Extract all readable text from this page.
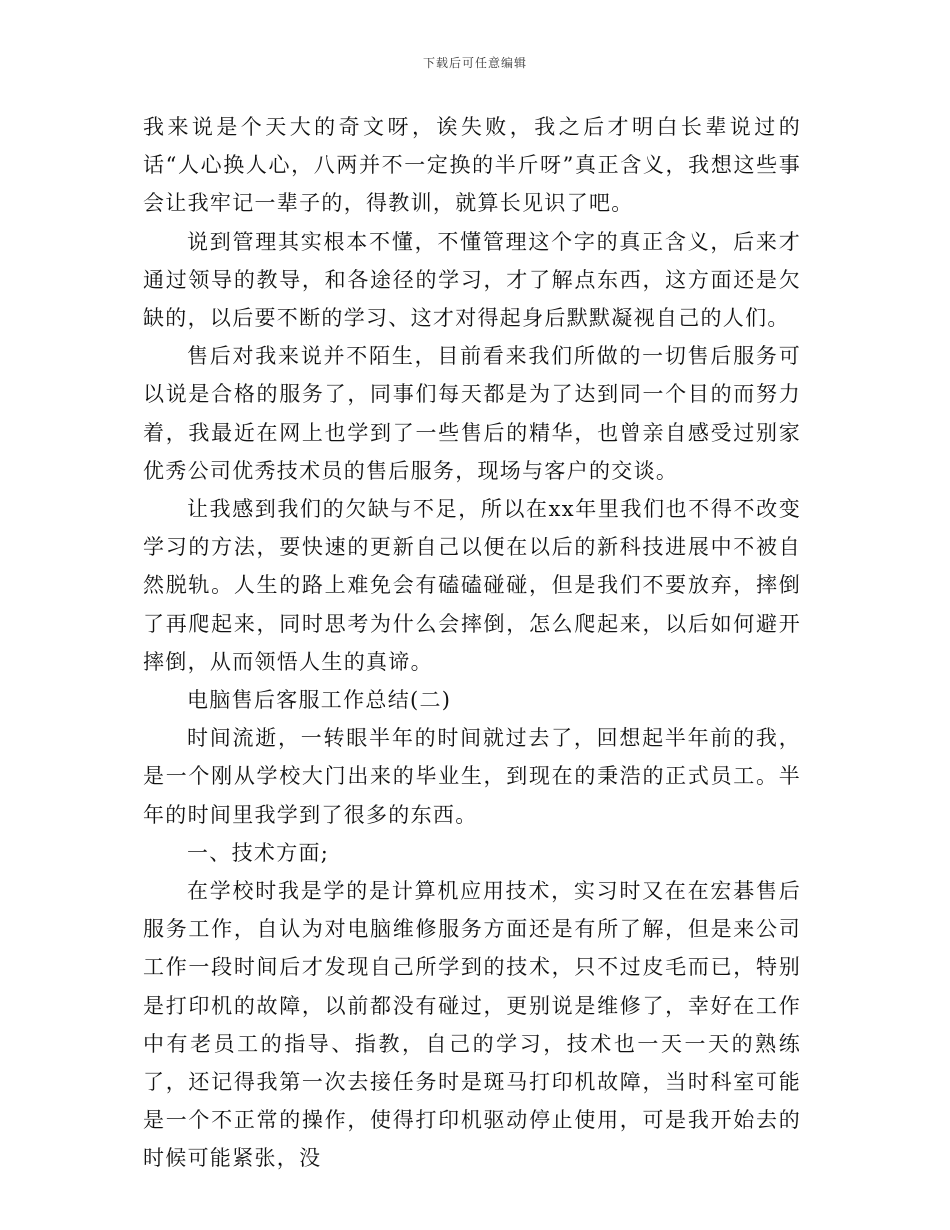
下载后可任意编辑

我来说是个天大的奇文呀，诶失败，我之后才明白长辈说过的话“人心换人心，八两并不一定换的半斤呀”真正含义，我想这些事会让我牢记一辈子的，得教训，就算长见识了吧。

说到管理其实根本不懂，不懂管理这个字的真正含义，后来才通过领导的教导，和各途径的学习，才了解点东西，这方面还是欠缺的，以后要不断的学习、这才对得起身后默默凝视自己的人们。

售后对我来说并不陌生，目前看来我们所做的一切售后服务可以说是合格的服务了，同事们每天都是为了达到同一个目的而努力着，我最近在网上也学到了一些售后的精华，也曾亲自感受过别家优秀公司优秀技术员的售后服务，现场与客户的交谈。

让我感到我们的欠缺与不足，所以在xx年里我们也不得不改变学习的方法，要快速的更新自己以便在以后的新科技进展中不被自然脱轨。人生的路上难免会有磕磕碰碰，但是我们不要放弃，摔倒了再爬起来，同时思考为什么会摔倒，怎么爬起来，以后如何避开摔倒，从而领悟人生的真谛。

电脑售后客服工作总结(二)

时间流逝，一转眼半年的时间就过去了，回想起半年前的我，是一个刚从学校大门出来的毕业生，到现在的秉浩的正式员工。半年的时间里我学到了很多的东西。

一、技术方面;

在学校时我是学的是计算机应用技术，实习时又在在宏碁售后服务工作，自认为对电脑维修服务方面还是有所了解，但是来公司工作一段时间后才发现自己所学到的技术，只不过皮毛而已，特别是打印机的故障，以前都没有碰过，更别说是维修了，幸好在工作中有老员工的指导、指教，自己的学习，技术也一天一天的熟练了，还记得我第一次去接任务时是斑马打印机故障，当时科室可能是一个不正常的操作，使得打印机驱动停止使用，可是我开始去的时候可能紧张，没
